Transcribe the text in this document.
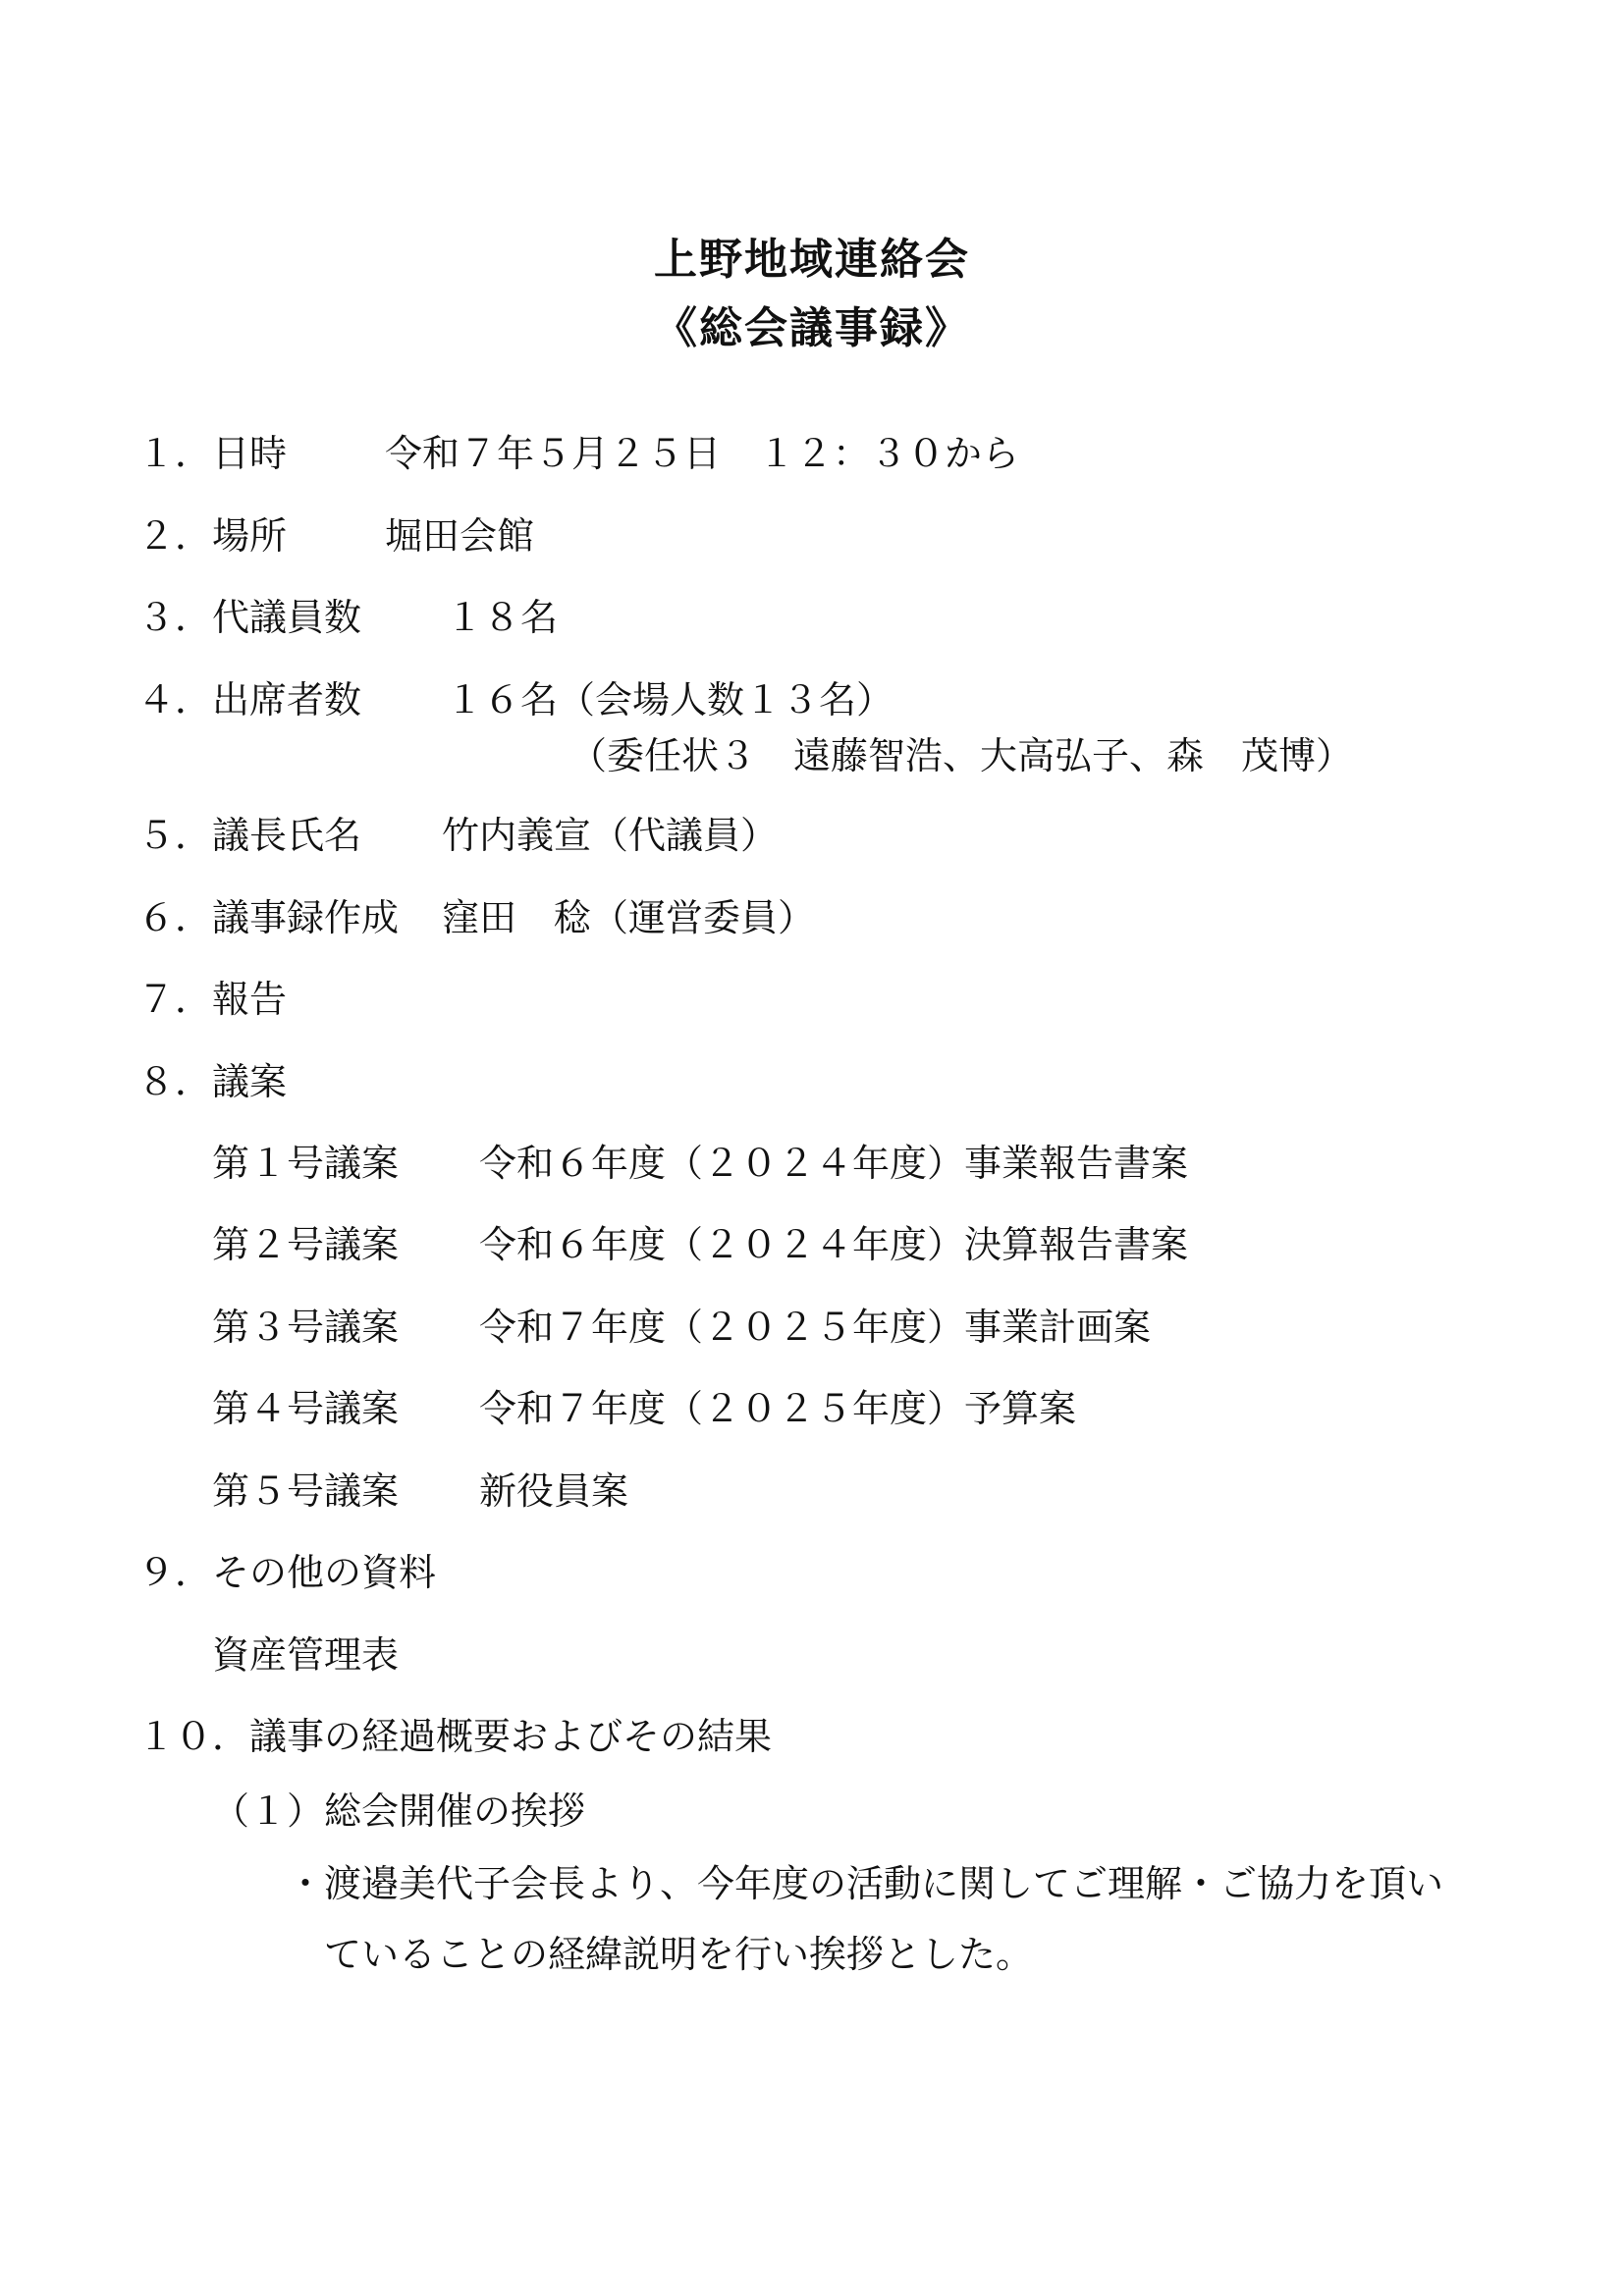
上野地域連絡会
《総会議事録》
１． 日時	令和７年５月２５日　１２：３０から
２． 場所	堀田会館
３． 代議員数 １８名
４． 出席者数 １６名（会場人数１３名）
（委任状３　遠藤智浩、大高弘子、森　茂博）
５． 議長氏名 竹内義宣（代議員）
６． 議事録作成 窪田　稔（運営委員）
７． 報告
８． 議案
第１号議案 令和６年度（２０２４年度）事業報告書案
第２号議案 令和６年度（２０２４年度）決算報告書案
第３号議案 令和７年度（２０２５年度）事業計画案
第４号議案 令和７年度（２０２５年度）予算案
第５号議案 新役員案
９． その他の資料
資産管理表
１０． 議事の経過概要およびその結果
（１）総会開催の挨拶
・渡邉美代子会長より、今年度の活動に関してご理解・ご協力を頂い
ていることの経緯説明を行い挨拶とした。
